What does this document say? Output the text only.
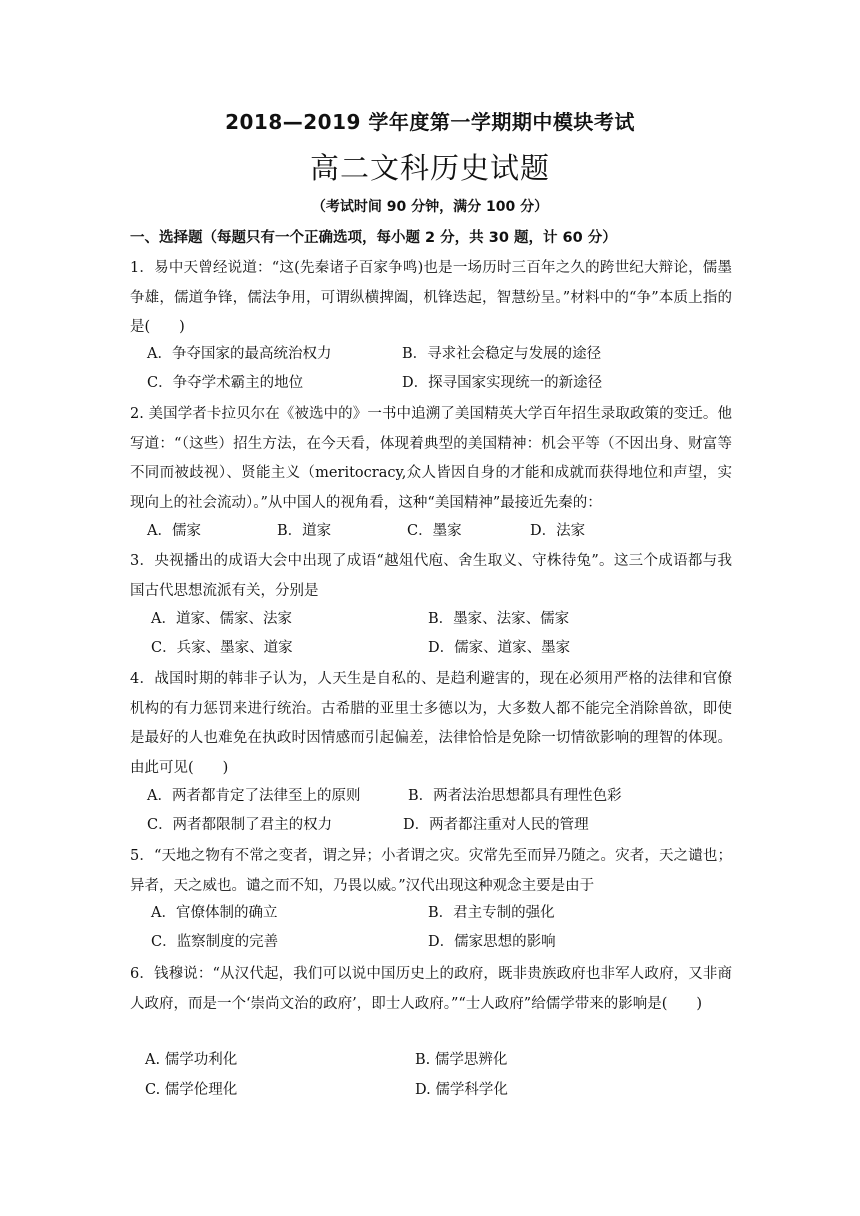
2018—2019 学年度第一学期期中模块考试
高二文科历史试题
（考试时间 90 分钟，满分 100 分）
一、选择题（每题只有一个正确选项，每小题 2 分，共 30 题，计 60 分）
1．易中天曾经说道：“这(先秦诸子百家争鸣)也是一场历时三百年之久的跨世纪大辩论，儒墨争雄，儒道争锋，儒法争用，可谓纵横捭阖，机锋迭起，智慧纷呈。”材料中的“争”本质上指的是(　　)
A．争夺国家的最高统治权力	B．寻求社会稳定与发展的途径
C．争夺学术霸主的地位	D．探寻国家实现统一的新途径
2. 美国学者卡拉贝尔在《被选中的》一书中追溯了美国精英大学百年招生录取政策的变迁。他写道：“（这些）招生方法，在今天看，体现着典型的美国精神：机会平等（不因出身、财富等不同而被歧视）、贤能主义（meritocracy,众人皆因自身的才能和成就而获得地位和声望，实现向上的社会流动）。”从中国人的视角看，这种“美国精神”最接近先秦的：
A．儒家	B．道家	C．墨家	D．法家
3．央视播出的成语大会中出现了成语“越俎代庖、舍生取义、守株待兔”。这三个成语都与我国古代思想流派有关，分别是
A．道家、儒家、法家	B．墨家、法家、儒家
C．兵家、墨家、道家	D．儒家、道家、墨家
4．战国时期的韩非子认为，人天生是自私的、是趋利避害的，现在必须用严格的法律和官僚机构的有力惩罚来进行统治。古希腊的亚里士多德以为，大多数人都不能完全消除兽欲，即使是最好的人也难免在执政时因情感而引起偏差，法律恰恰是免除一切情欲影响的理智的体现。由此可见(　　)
A．两者都肯定了法律至上的原则	B．两者法治思想都具有理性色彩
C．两者都限制了君主的权力	D．两者都注重对人民的管理
5．“天地之物有不常之变者，谓之异；小者谓之灾。灾常先至而异乃随之。灾者，天之谴也；异者，天之威也。谴之而不知，乃畏以威。”汉代出现这种观念主要是由于
A．官僚体制的确立	B．君主专制的强化
C．监察制度的完善	D．儒家思想的影响
6．钱穆说：“从汉代起，我们可以说中国历史上的政府，既非贵族政府也非军人政府，又非商人政府，而是一个‘崇尚文治的政府’，即士人政府。”“士人政府”给儒学带来的影响是(　　)
A. 儒学功利化	B. 儒学思辨化
C. 儒学伦理化	D. 儒学科学化
